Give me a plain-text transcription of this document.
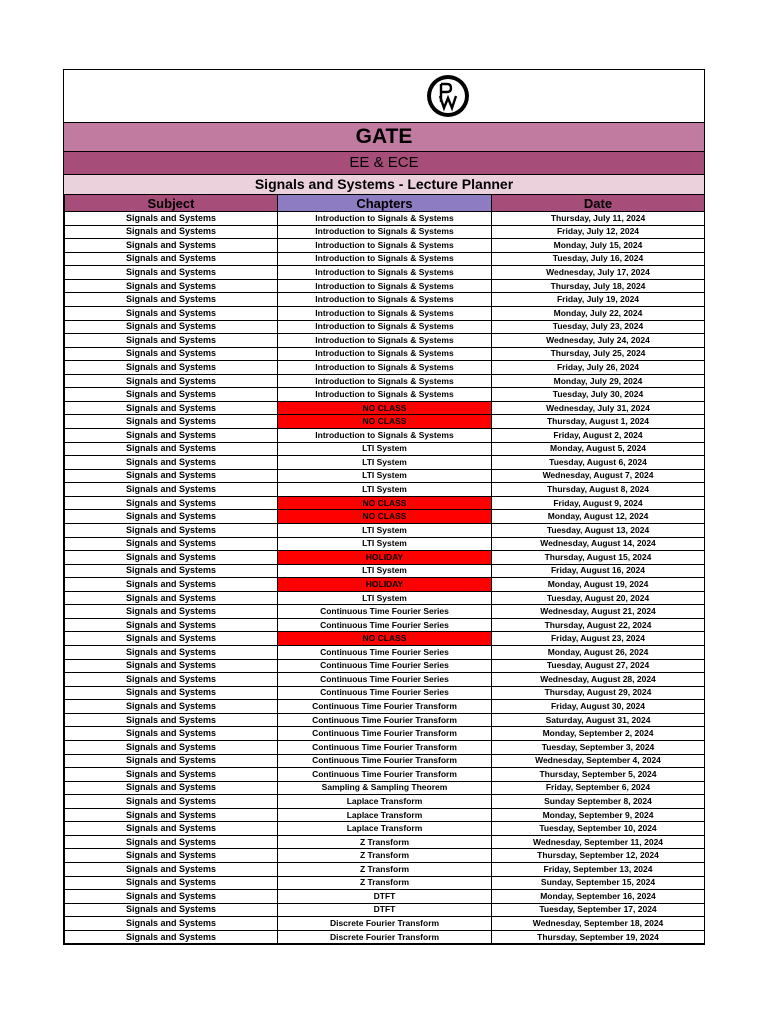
GATE
EE & ECE
Signals and Systems - Lecture Planner
Subject	Chapters	Date
Signals and Systems	Introduction to Signals & Systems	Thursday, July 11, 2024
Signals and Systems	Introduction to Signals & Systems	Friday, July 12, 2024
Signals and Systems	Introduction to Signals & Systems	Monday, July 15, 2024
Signals and Systems	Introduction to Signals & Systems	Tuesday, July 16, 2024
Signals and Systems	Introduction to Signals & Systems	Wednesday, July 17, 2024
Signals and Systems	Introduction to Signals & Systems	Thursday, July 18, 2024
Signals and Systems	Introduction to Signals & Systems	Friday, July 19, 2024
Signals and Systems	Introduction to Signals & Systems	Monday, July 22, 2024
Signals and Systems	Introduction to Signals & Systems	Tuesday, July 23, 2024
Signals and Systems	Introduction to Signals & Systems	Wednesday, July 24, 2024
Signals and Systems	Introduction to Signals & Systems	Thursday, July 25, 2024
Signals and Systems	Introduction to Signals & Systems	Friday, July 26, 2024
Signals and Systems	Introduction to Signals & Systems	Monday, July 29, 2024
Signals and Systems	Introduction to Signals & Systems	Tuesday, July 30, 2024
Signals and Systems	NO CLASS	Wednesday, July 31, 2024
Signals and Systems	NO CLASS	Thursday, August 1, 2024
Signals and Systems	Introduction to Signals & Systems	Friday, August 2, 2024
Signals and Systems	LTI System	Monday, August 5, 2024
Signals and Systems	LTI System	Tuesday, August 6, 2024
Signals and Systems	LTI System	Wednesday, August 7, 2024
Signals and Systems	LTI System	Thursday, August 8, 2024
Signals and Systems	NO CLASS	Friday, August 9, 2024
Signals and Systems	NO CLASS	Monday, August 12, 2024
Signals and Systems	LTI System	Tuesday, August 13, 2024
Signals and Systems	LTI System	Wednesday, August 14, 2024
Signals and Systems	HOLIDAY	Thursday, August 15, 2024
Signals and Systems	LTI System	Friday, August 16, 2024
Signals and Systems	HOLIDAY	Monday, August 19, 2024
Signals and Systems	LTI System	Tuesday, August 20, 2024
Signals and Systems	Continuous Time Fourier Series	Wednesday, August 21, 2024
Signals and Systems	Continuous Time Fourier Series	Thursday, August 22, 2024
Signals and Systems	NO CLASS	Friday, August 23, 2024
Signals and Systems	Continuous Time Fourier Series	Monday, August 26, 2024
Signals and Systems	Continuous Time Fourier Series	Tuesday, August 27, 2024
Signals and Systems	Continuous Time Fourier Series	Wednesday, August 28, 2024
Signals and Systems	Continuous Time Fourier Series	Thursday, August 29, 2024
Signals and Systems	Continuous Time Fourier Transform	Friday, August 30, 2024
Signals and Systems	Continuous Time Fourier Transform	Saturday, August 31, 2024
Signals and Systems	Continuous Time Fourier Transform	Monday, September 2, 2024
Signals and Systems	Continuous Time Fourier Transform	Tuesday, September 3, 2024
Signals and Systems	Continuous Time Fourier Transform	Wednesday, September 4, 2024
Signals and Systems	Continuous Time Fourier Transform	Thursday, September 5, 2024
Signals and Systems	Sampling & Sampling Theorem	Friday, September 6, 2024
Signals and Systems	Laplace Transform	Sunday September 8, 2024
Signals and Systems	Laplace Transform	Monday, September 9, 2024
Signals and Systems	Laplace Transform	Tuesday, September 10, 2024
Signals and Systems	Z Transform	Wednesday, September 11, 2024
Signals and Systems	Z Transform	Thursday, September 12, 2024
Signals and Systems	Z Transform	Friday, September 13, 2024
Signals and Systems	Z Transform	Sunday, September 15, 2024
Signals and Systems	DTFT	Monday, September 16, 2024
Signals and Systems	DTFT	Tuesday, September 17, 2024
Signals and Systems	Discrete Fourier Transform	Wednesday, September 18, 2024
Signals and Systems	Discrete Fourier Transform	Thursday, September 19, 2024
